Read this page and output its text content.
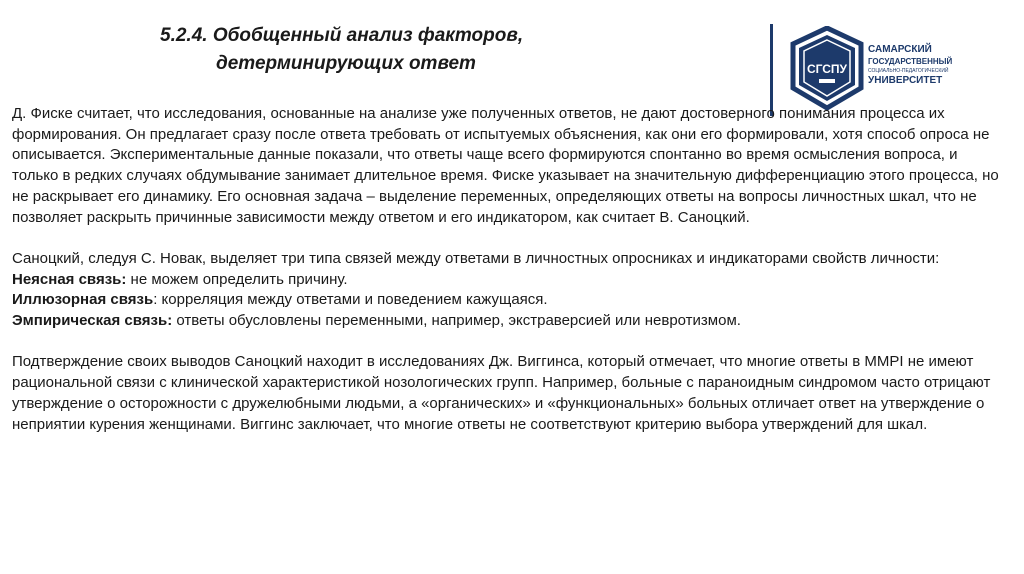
5.2.4. Обобщенный анализ факторов,
детерминирующих ответ	СГСПУ
САМАРСКИЙ
ГОСУДАРСТВЕННЫЙ

СОЦИАЛЬНО-ПЕДАГОГИЧЕСКИЙ
УНИВЕРСИТЕТ

Д. Фиске считает, что исследования, основанные на анализе уже полученных ответов, не дают достоверного понимания процесса их формирования. Он предлагает сразу после ответа требовать от испытуемых объяснения, как они его формировали, хотя способ опроса не описывается. Экспериментальные данные показали, что ответы чаще всего формируются спонтанно во время осмысления вопроса, и только в редких случаях обдумывание занимает длительное время. Фиске указывает на значительную дифференциацию этого процесса, но не раскрывает его динамику. Его основная задача – выделение переменных, определяющих ответы на вопросы личностных шкал, что не позволяет раскрыть причинные зависимости между ответом и его индикатором, как считает В. Саноцкий.

Саноцкий, следуя С. Новак, выделяет три типа связей между ответами в личностных опросниках и индикаторами свойств личности:

Неясная связь: не можем определить причину.

Иллюзорная связь: корреляция между ответами и поведением кажущаяся.

Эмпирическая связь: ответы обусловлены переменными, например, экстраверсией или невротизмом.

Подтверждение своих выводов Саноцкий находит в исследованиях Дж. Виггинса, который отмечает, что многие ответы в MMPI не имеют рациональной связи с клинической характеристикой нозологических групп. Например, больные с параноидным синдромом часто отрицают утверждение о осторожности с дружелюбными людьми, а «органических» и «функциональных» больных отличает ответ на утверждение о неприятии курения женщинами. Виггинс заключает, что многие ответы не соответствуют критерию выбора утверждений для шкал.
